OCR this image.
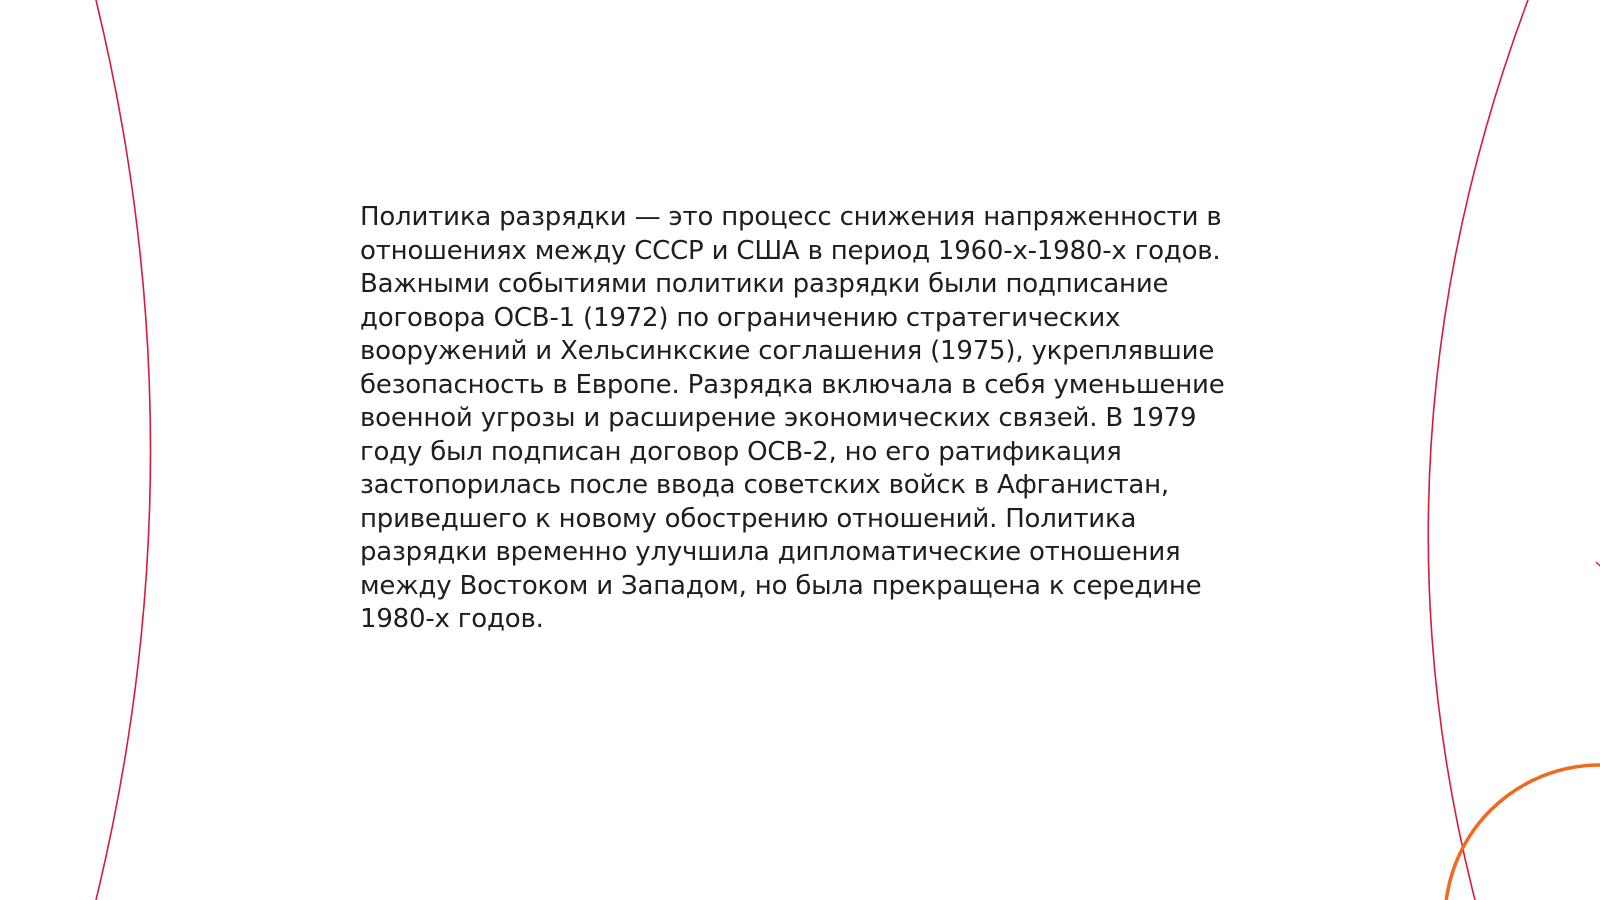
Политика разрядки — это процесс снижения напряженности в отношениях между СССР и США в период 1960-х-1980-х годов. Важными событиями политики разрядки были подписание договора ОСВ-1 (1972) по ограничению стратегических вооружений и Хельсинкские соглашения (1975), укреплявшие безопасность в Европе. Разрядка включала в себя уменьшение военной угрозы и расширение экономических связей. В 1979 году был подписан договор ОСВ-2, но его ратификация застопорилась после ввода советских войск в Афганистан, приведшего к новому обострению отношений. Политика разрядки временно улучшила дипломатические отношения между Востоком и Западом, но была прекращена к середине 1980-х годов.
